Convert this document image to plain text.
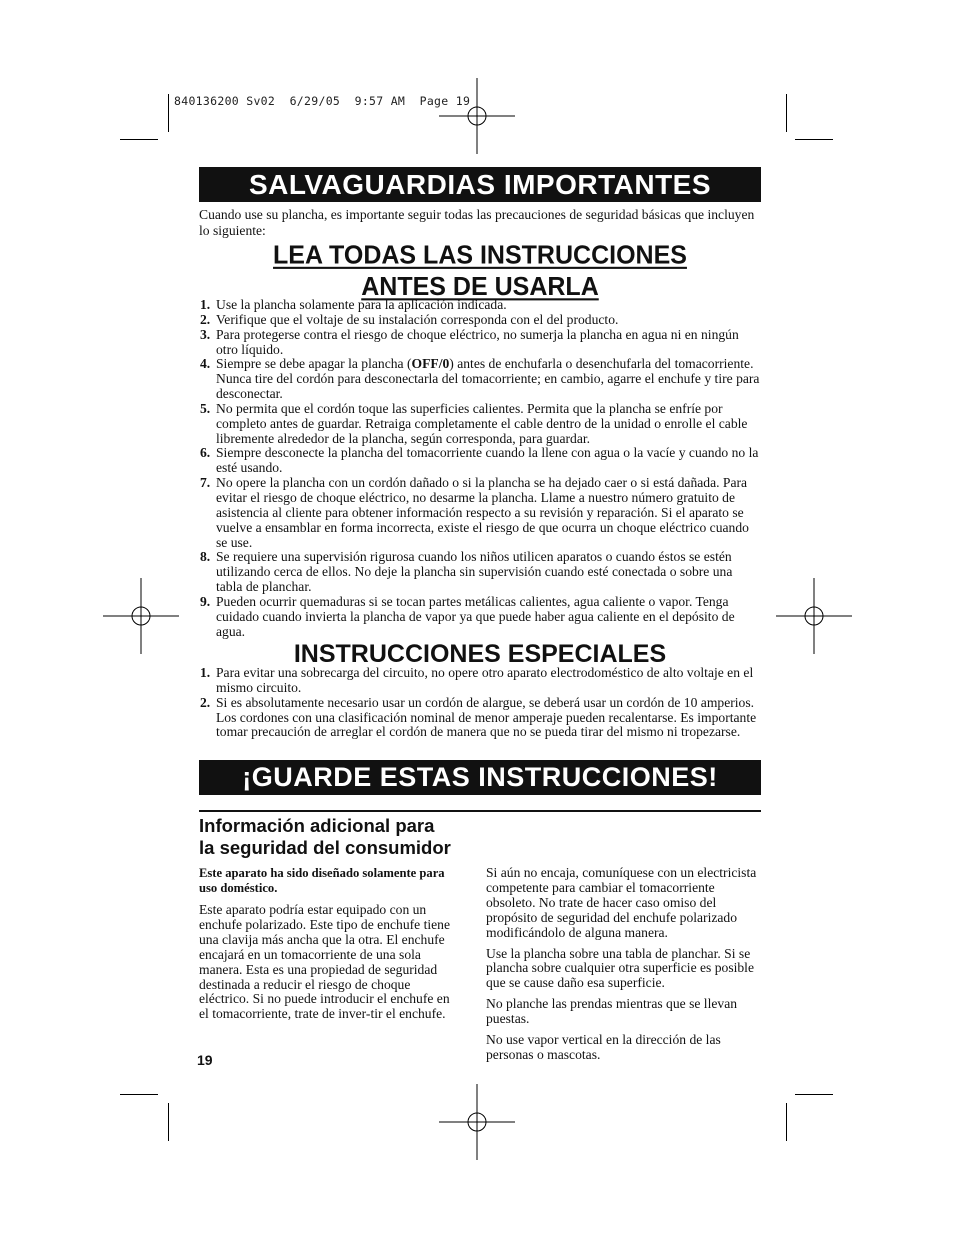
840136200 Sv02  6/29/05  9:57 AM  Page 19
SALVAGUARDIAS IMPORTANTES
Cuando use su plancha, es importante seguir todas las precauciones de seguridad básicas que incluyen lo siguiente:
LEA TODAS LAS INSTRUCCIONES
ANTES DE USARLA
1. Use la plancha solamente para la aplicación indicada.
2. Verifique que el voltaje de su instalación corresponda con el del producto.
3. Para protegerse contra el riesgo de choque eléctrico, no sumerja la plancha en agua ni en ningún otro líquido.
4. Siempre se debe apagar la plancha (OFF/0) antes de enchufarla o desenchufarla del tomacorriente. Nunca tire del cordón para desconectarla del tomacorriente; en cambio, agarre el enchufe y tire para desconectar.
5. No permita que el cordón toque las superficies calientes. Permita que la plancha se enfríe por completo antes de guardar. Retraiga completamente el cable dentro de la unidad o enrolle el cable libremente alrededor de la plancha, según corresponda, para guardar.
6. Siempre desconecte la plancha del tomacorriente cuando la llene con agua o la vacíe y cuando no la esté usando.
7. No opere la plancha con un cordón dañado o si la plancha se ha dejado caer o si está dañada. Para evitar el riesgo de choque eléctrico, no desarme la plancha. Llame a nuestro número gratuito de asistencia al cliente para obtener información respecto a su revisión y reparación. Si el aparato se vuelve a ensamblar en forma incorrecta, existe el riesgo de que ocurra un choque eléctrico cuando se use.
8. Se requiere una supervisión rigurosa cuando los niños utilicen aparatos o cuando éstos se estén utilizando cerca de ellos. No deje la plancha sin supervisión cuando esté conectada o sobre una tabla de planchar.
9. Pueden ocurrir quemaduras si se tocan partes metálicas calientes, agua caliente o vapor. Tenga cuidado cuando invierta la plancha de vapor ya que puede haber agua caliente en el depósito de agua.
INSTRUCCIONES ESPECIALES
1. Para evitar una sobrecarga del circuito, no opere otro aparato electrodoméstico de alto voltaje en el mismo circuito.
2. Si es absolutamente necesario usar un cordón de alargue, se deberá usar un cordón de 10 amperios. Los cordones con una clasificación nominal de menor amperaje pueden recalentarse. Es importante tomar precaución de arreglar el cordón de manera que no se pueda tirar del mismo ni tropezarse.
¡GUARDE ESTAS INSTRUCCIONES!
Información adicional para
la seguridad del consumidor

Este aparato ha sido diseñado solamente para uso doméstico.

Este aparato podría estar equipado con un enchufe polarizado. Este tipo de enchufe tiene una clavija más ancha que la otra. El enchufe encajará en un tomacorriente de una sola manera. Esta es una propiedad de seguridad destinada a reducir el riesgo de choque eléctrico. Si no puede introducir el enchufe en el tomacorriente, trate de inver-tir el enchufe.

Si aún no encaja, comuníquese con un electricista competente para cambiar el tomacorriente obsoleto. No trate de hacer caso omiso del propósito de seguridad del enchufe polarizado modificándolo de alguna manera.

Use la plancha sobre una tabla de planchar. Si se plancha sobre cualquier otra superficie es posible que se cause daño esa superficie.

No planche las prendas mientras que se llevan puestas.

No use vapor vertical en la dirección de las personas o mascotas.

19
